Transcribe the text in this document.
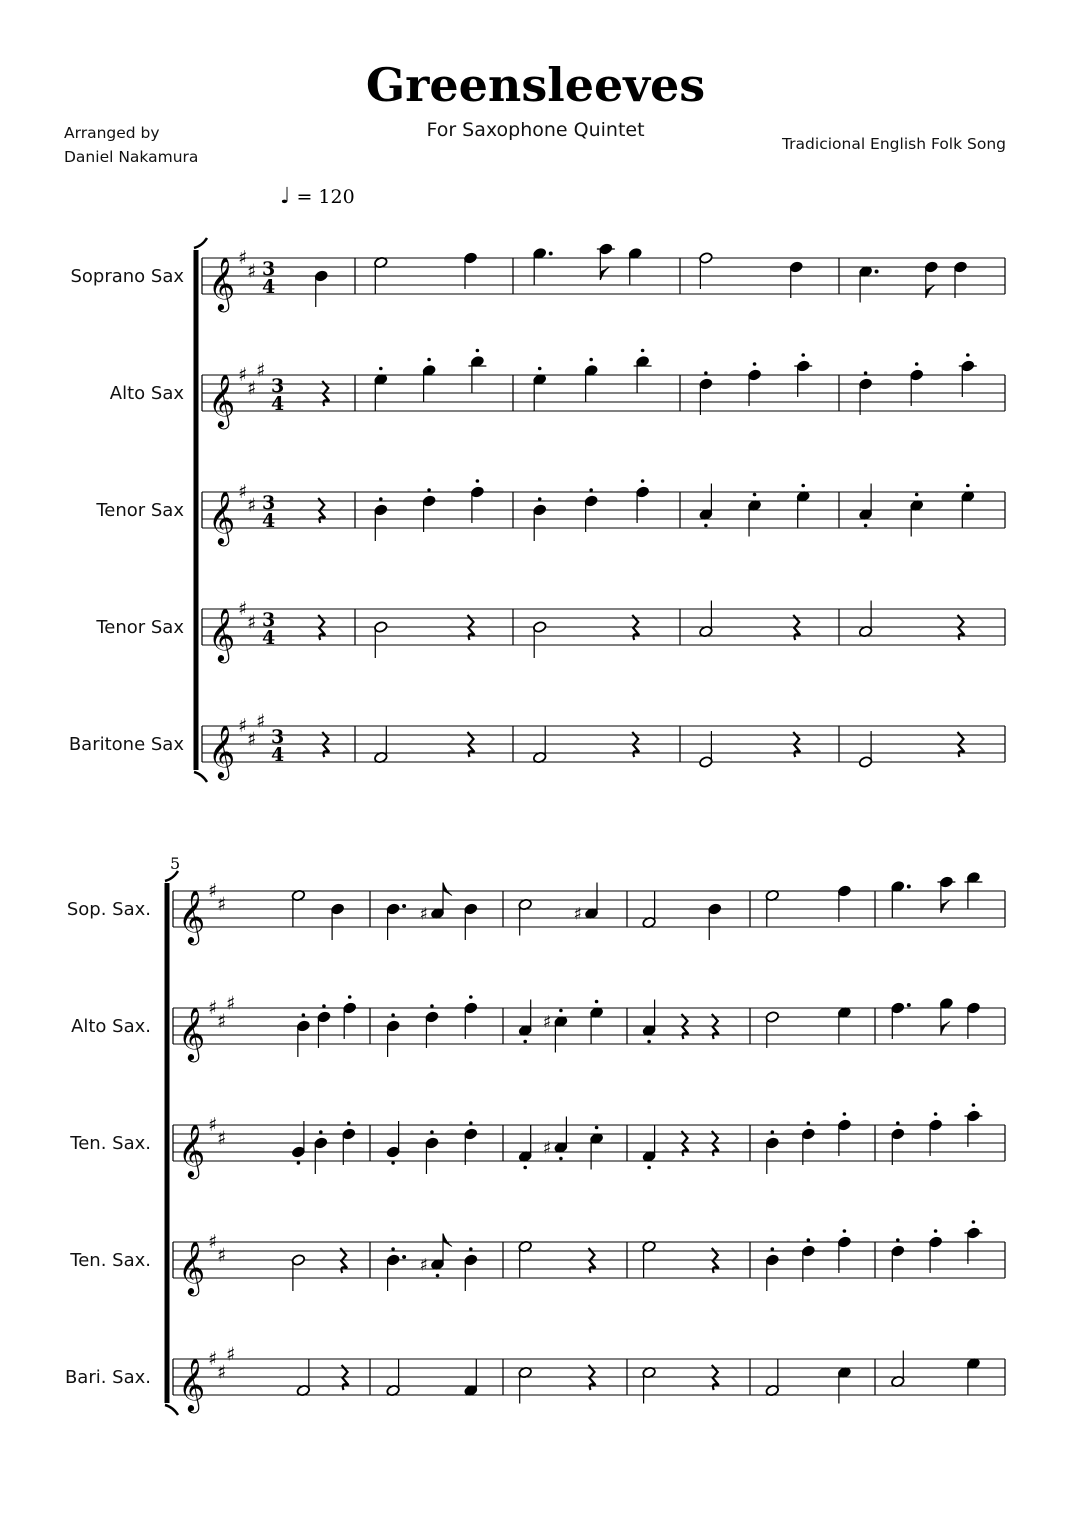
Greensleeves
For Saxophone Quintet
Arranged by
Daniel Nakamura
Tradicional English Folk Song
♩ = 120
Soprano Sax 𝄞 ♯
♯ 3
4
Alto Sax 𝄞 ♯
♯
♯
3
4
Tenor Sax 𝄞 ♯
♯ 3
4
Tenor Sax 𝄞 ♯
♯ 3
4
Baritone Sax 𝄞 ♯
♯
♯
3
4
5
Sop. Sax. 𝄞 ♯
♯	♯	♯
Alto Sax. 𝄞 ♯
♯
♯
♯
Ten. Sax. 𝄞 ♯
♯	♯
Ten. Sax. 𝄞 ♯
♯	♯
Bari. Sax. 𝄞 ♯
♯
♯
